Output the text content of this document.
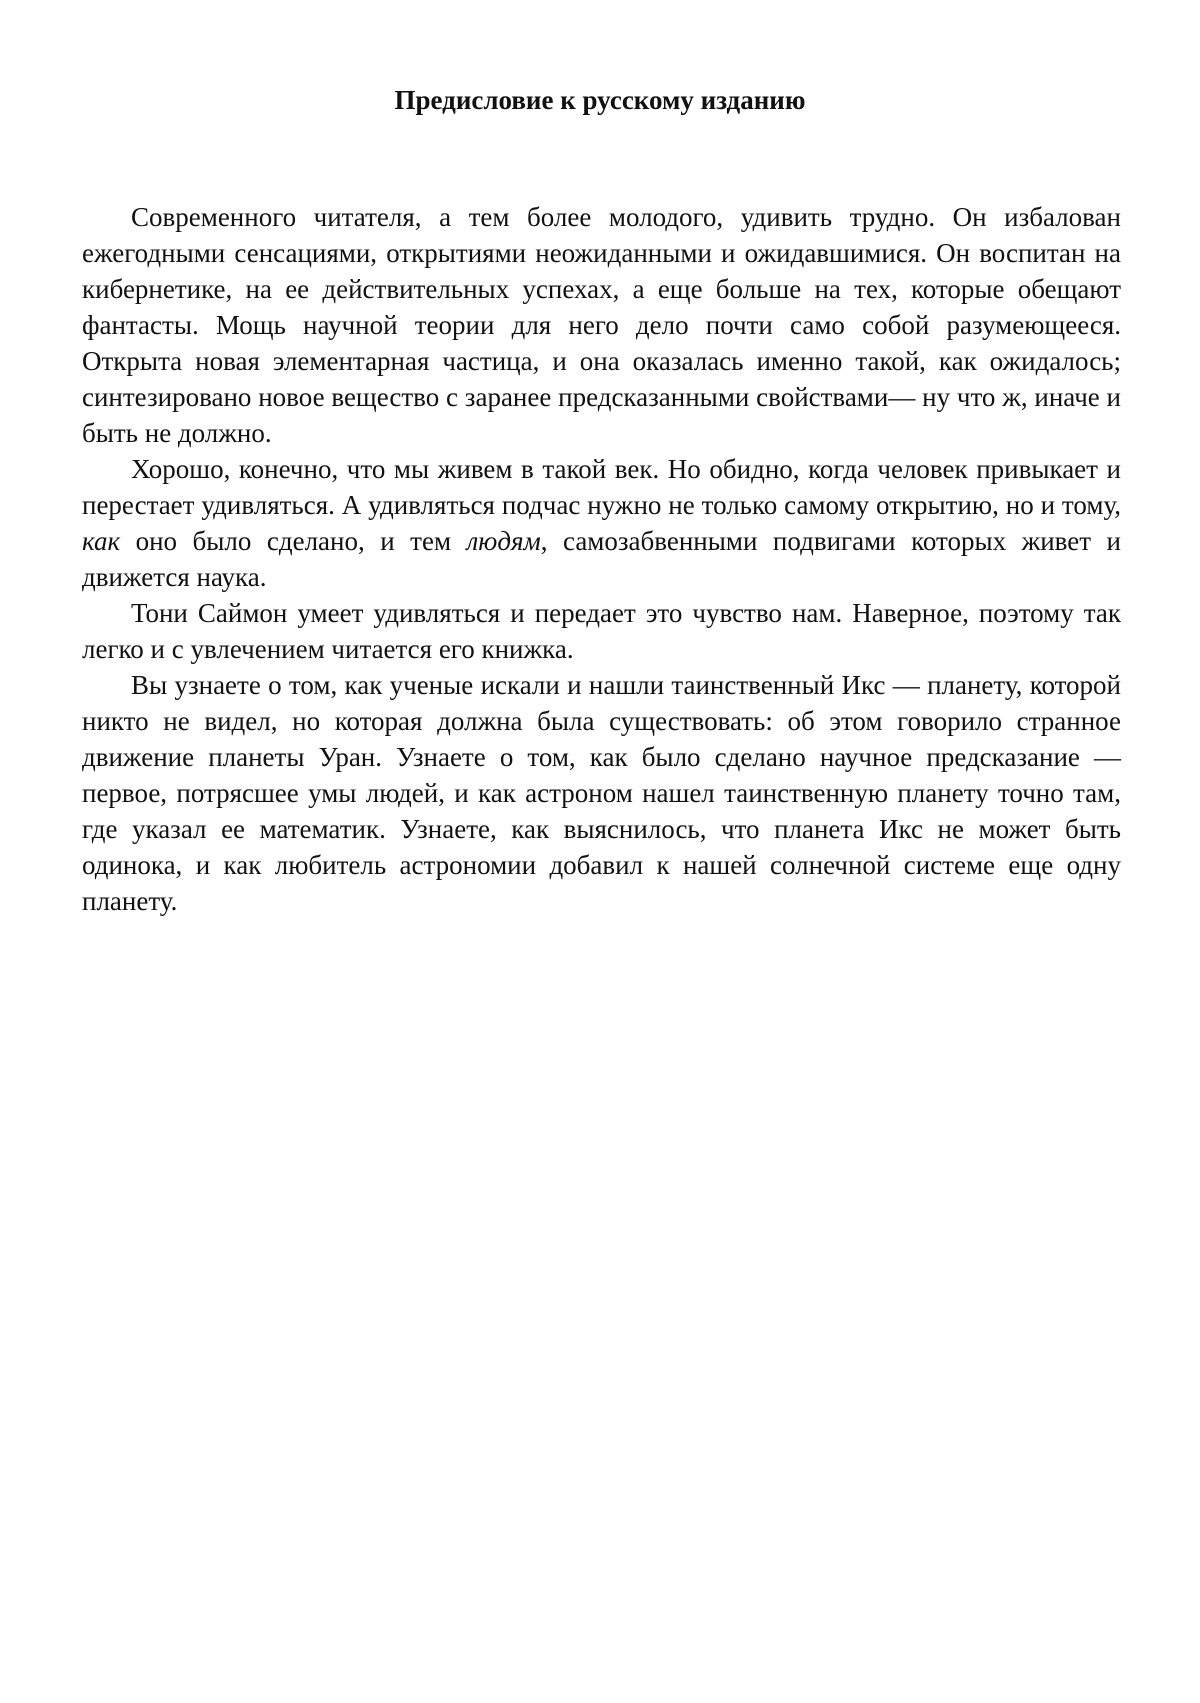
Предисловие к русскому изданию

Современного читателя, а тем более молодого, удивить трудно. Он избалован ежегодными сенсациями, открытиями неожиданными и ожидавшимися. Он воспитан на кибернетике, на ее действительных успехах, а еще больше на тех, которые обещают фантасты. Мощь научной теории для него дело почти само собой разумеющееся. Открыта новая элементарная частица, и она оказалась именно такой, как ожидалось; синтезировано новое вещество с заранее предсказанными свойствами— ну что ж, иначе и быть не должно.

Хорошо, конечно, что мы живем в такой век. Но обидно, когда человек привыкает и перестает удивляться. А удивляться подчас нужно не только самому открытию, но и тому, как оно было сделано, и тем людям, самозабвенными подвигами которых живет и движется наука.

Тони Саймон умеет удивляться и передает это чувство нам. Наверное, поэтому так легко и с увлечением читается его книжка.

Вы узнаете о том, как ученые искали и нашли таинственный Икс — планету, которой никто не видел, но которая должна была существовать: об этом говорило странное движение планеты Уран. Узнаете о том, как было сделано научное предсказание — первое, потрясшее умы людей, и как астроном нашел таинственную планету точно там, где указал ее математик. Узнаете, как выяснилось, что планета Икс не может быть одинока, и как любитель астрономии добавил к нашей солнечной системе еще одну планету.
